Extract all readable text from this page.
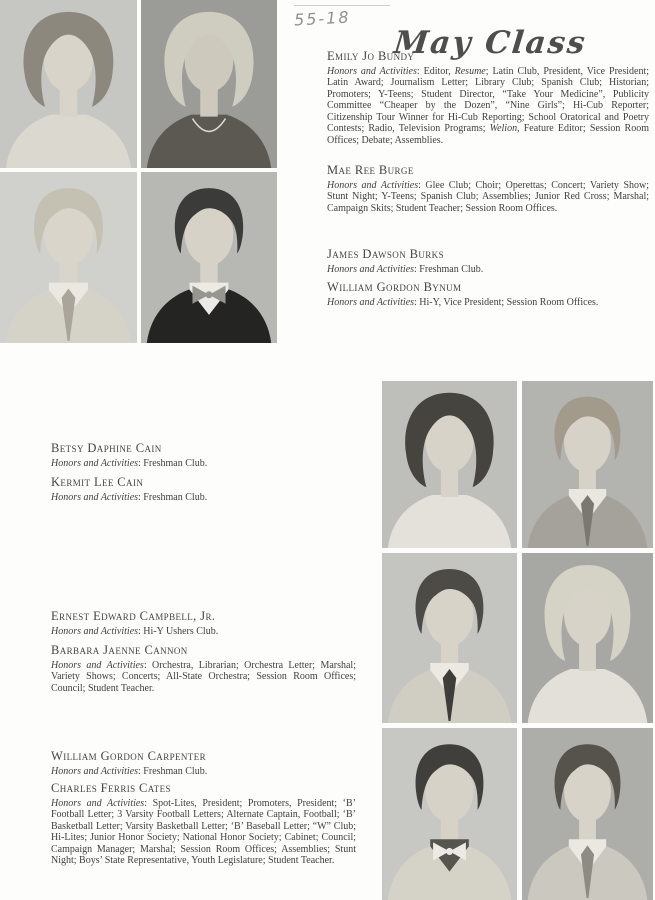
55-18
May Class
Emily Jo Bundy

Honors and Activities: Editor, Resume; Latin Club, President, Vice President; Latin Award; Journalism Letter; Library Club; Spanish Club; Historian; Promoters; Y-Teens; Student Director, “Take Your Medicine”, Publicity Committee “Cheaper by the Dozen”, “Nine Girls”; Hi-Cub Reporter; Citizenship Tour Winner for Hi-Cub Reporting; School Oratorical and Poetry Contests; Radio, Television Programs; Welion, Feature Editor; Session Room Offices; Debate; Assemblies.

Mae Ree Burge

Honors and Activities: Glee Club; Choir; Operettas; Concert; Variety Show; Stunt Night; Y-Teens; Spanish Club; Assemblies; Junior Red Cross; Marshal; Campaign Skits; Student Teacher; Session Room Offices.

James Dawson Burks

Honors and Activities: Freshman Club.

William Gordon Bynum

Honors and Activities: Hi-Y, Vice President; Session Room Offices.

Betsy Daphine Cain

Honors and Activities: Freshman Club.

Kermit Lee Cain

Honors and Activities: Freshman Club.

Ernest Edward Campbell, Jr.

Honors and Activities: Hi-Y Ushers Club.

Barbara Jaenne Cannon

Honors and Activities: Orchestra, Librarian; Orchestra Letter; Marshal; Variety Shows; Concerts; All-State Orchestra; Session Room Offices; Council; Student Teacher.

William Gordon Carpenter

Honors and Activities: Freshman Club.

Charles Ferris Cates

Honors and Activities: Spot-Lites, President; Promoters, President; ‘B’ Football Letter; 3 Varsity Football Letters; Alternate Captain, Football; ‘B’ Basketball Letter; Varsity Basketball Letter; ‘B’ Baseball Letter; “W” Club; Hi-Lites; Junior Honor Society; National Honor Society; Cabinet; Council; Campaign Manager; Marshal; Session Room Offices; Assemblies; Stunt Night; Boys’ State Representative, Youth Legislature; Student Teacher.
